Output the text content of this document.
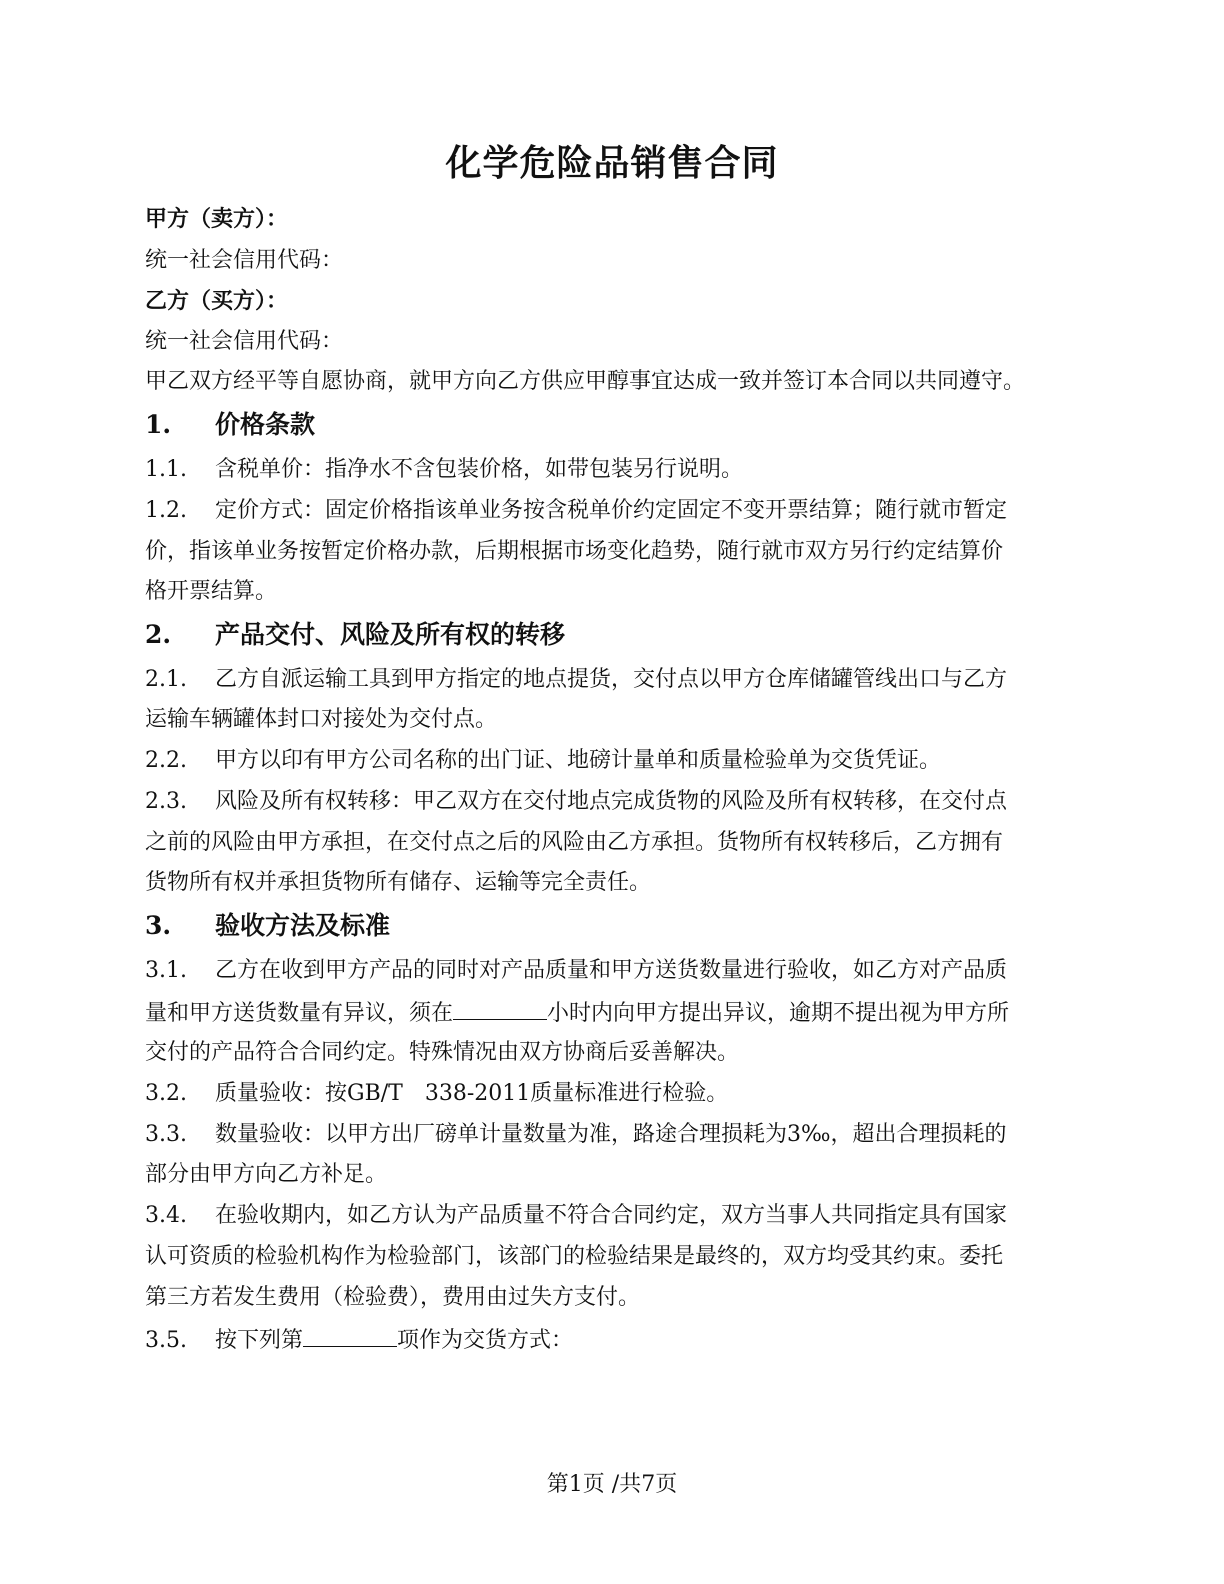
化学危险品销售合同
甲方（卖方）：
统一社会信用代码：
乙方（买方）：
统一社会信用代码：
甲乙双方经平等自愿协商，就甲方向乙方供应甲醇事宜达成一致并签订本合同以共同遵守。
1. 价格条款
1.1. 含税单价：指净水不含包装价格，如带包装另行说明。
1.2. 定价方式：固定价格指该单业务按含税单价约定固定不变开票结算；随行就市暂定
价，指该单业务按暂定价格办款，后期根据市场变化趋势，随行就市双方另行约定结算价
格开票结算。
2. 产品交付、风险及所有权的转移
2.1. 乙方自派运输工具到甲方指定的地点提货，交付点以甲方仓库储罐管线出口与乙方
运输车辆罐体封口对接处为交付点。
2.2. 甲方以印有甲方公司名称的出门证、地磅计量单和质量检验单为交货凭证。
2.3. 风险及所有权转移：甲乙双方在交付地点完成货物的风险及所有权转移，在交付点
之前的风险由甲方承担，在交付点之后的风险由乙方承担。货物所有权转移后，乙方拥有
货物所有权并承担货物所有储存、运输等完全责任。
3. 验收方法及标准
3.1. 乙方在收到甲方产品的同时对产品质量和甲方送货数量进行验收，如乙方对产品质
量和甲方送货数量有异议，须在	小时内向甲方提出异议，逾期不提出视为甲方所
交付的产品符合合同约定。特殊情况由双方协商后妥善解决。
3.2. 质量验收：按GB/T　338-2011质量标准进行检验。
3.3. 数量验收：以甲方出厂磅单计量数量为准，路途合理损耗为3‰，超出合理损耗的
部分由甲方向乙方补足。
3.4. 在验收期内，如乙方认为产品质量不符合合同约定，双方当事人共同指定具有国家
认可资质的检验机构作为检验部门，该部门的检验结果是最终的，双方均受其约束。委托
第三方若发生费用（检验费），费用由过失方支付。
3.5. 按下列第	项作为交货方式：
第1页 /共7页
